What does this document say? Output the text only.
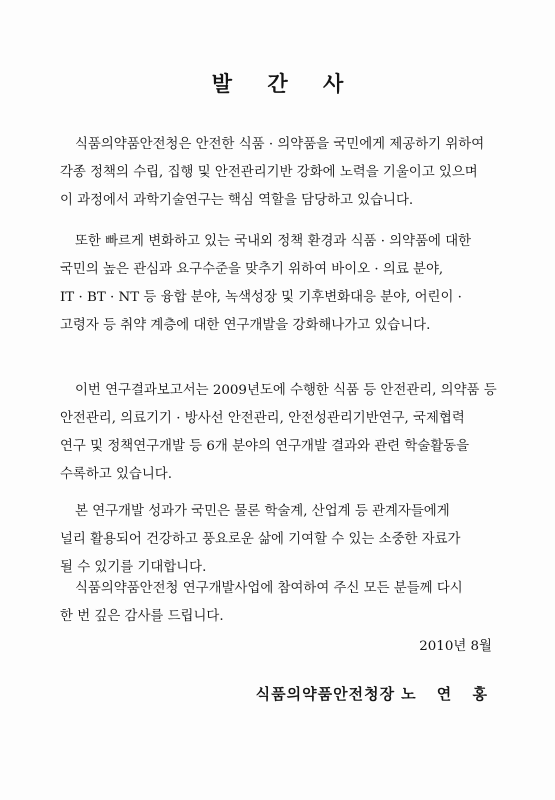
발 간 사
식품의약품안전청은 안전한 식품 · 의약품을 국민에게 제공하기 위하여
각종 정책의 수립, 집행 및 안전관리기반 강화에 노력을 기울이고 있으며
이 과정에서 과학기술연구는 핵심 역할을 담당하고 있습니다.
또한 빠르게 변화하고 있는 국내외 정책 환경과 식품 · 의약품에 대한
국민의 높은 관심과 요구수준을 맞추기 위하여 바이오 · 의료 분야,
IT · BT · NT 등 융합 분야, 녹색성장 및 기후변화대응 분야, 어린이 ·
고령자 등 취약 계층에 대한 연구개발을 강화해나가고 있습니다.
이번 연구결과보고서는 2009년도에 수행한 식품 등 안전관리, 의약품 등
안전관리, 의료기기 · 방사선 안전관리, 안전성관리기반연구, 국제협력
연구 및 정책연구개발 등 6개 분야의 연구개발 결과와 관련 학술활동을
수록하고 있습니다.
본 연구개발 성과가 국민은 물론 학술계, 산업계 등 관계자들에게
널리 활용되어 건강하고 풍요로운 삶에 기여할 수 있는 소중한 자료가
될 수 있기를 기대합니다.
식품의약품안전청 연구개발사업에 참여하여 주신 모든 분들께 다시
한 번 깊은 감사를 드립니다.
2010년 8월
식품의약품안전청장 노 연 홍
